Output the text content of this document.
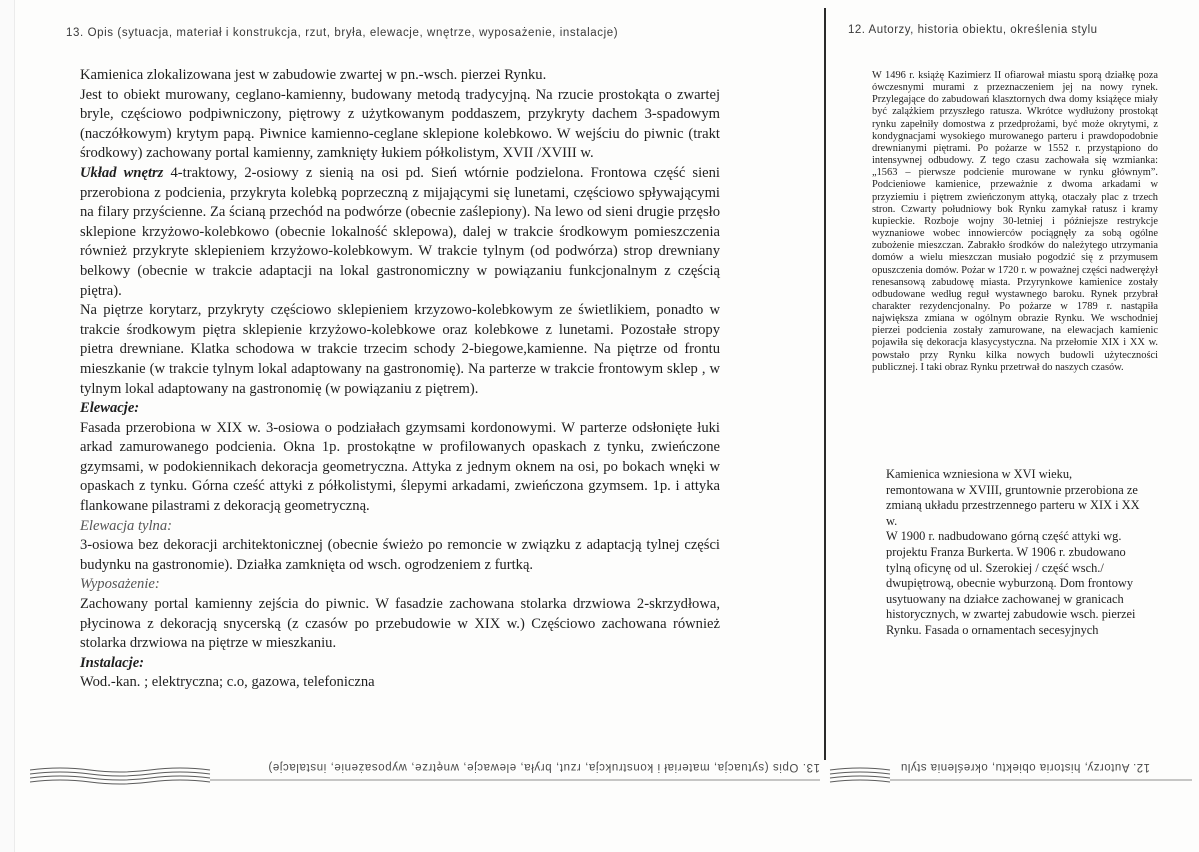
13. Opis (sytuacja, materiał i konstrukcja, rzut, bryła, elewacje, wnętrze, wyposażenie, instalacje)

Kamienica zlokalizowana jest w zabudowie zwartej w pn.-wsch. pierzei Rynku.

Jest to obiekt murowany, ceglano-kamienny, budowany metodą tradycyjną. Na rzucie prostokąta o zwartej bryle, częściowo podpiwniczony, piętrowy z użytkowanym poddaszem, przykryty dachem 3-spadowym (naczółkowym) krytym papą. Piwnice kamienno-ceglane sklepione kolebkowo. W wejściu do piwnic (trakt środkowy) zachowany portal kamienny, zamknięty łukiem półkolistym, XVII /XVIII w.

Układ wnętrz 4-traktowy, 2-osiowy z sienią na osi pd. Sień wtórnie podzielona. Frontowa część sieni przerobiona z podcienia, przykryta kolebką poprzeczną z mijającymi się lunetami, częściowo spływającymi na filary przyścienne. Za ścianą przechód na podwórze (obecnie zaślepiony). Na lewo od sieni drugie przęsło sklepione krzyżowo-kolebkowo (obecnie lokalność sklepowa), dalej w trakcie środkowym pomieszczenia również przykryte sklepieniem krzyżowo-kolebkowym. W trakcie tylnym (od podwórza) strop drewniany belkowy (obecnie w trakcie adaptacji na lokal gastronomiczny w powiązaniu funkcjonalnym z częścią piętra).

Na piętrze korytarz, przykryty częściowo sklepieniem krzyzowo-kolebkowym ze świetlikiem, ponadto w trakcie środkowym piętra sklepienie krzyżowo-kolebkowe oraz kolebkowe z lunetami. Pozostałe stropy pietra drewniane. Klatka schodowa w trakcie trzecim schody 2-biegowe,kamienne. Na piętrze od frontu mieszkanie (w trakcie tylnym lokal adaptowany na gastronomię). Na parterze w trakcie frontowym sklep , w tylnym lokal adaptowany na gastronomię (w powiązaniu z piętrem).

Elewacje:

Fasada przerobiona w XIX w. 3-osiowa o podziałach gzymsami kordonowymi. W parterze odsłonięte łuki arkad zamurowanego podcienia. Okna 1p. prostokątne w profilowanych opaskach z tynku, zwieńczone gzymsami, w podokiennikach dekoracja geometryczna. Attyka z jednym oknem na osi, po bokach wnęki w opaskach z tynku. Górna cześć attyki z półkolistymi, ślepymi arkadami, zwieńczona gzymsem. 1p. i attyka flankowane pilastrami z dekoracją geometryczną.

Elewacja tylna:

3-osiowa bez dekoracji architektonicznej (obecnie świeżo po remoncie w związku z adaptacją tylnej części budynku na gastronomie). Działka zamknięta od wsch. ogrodzeniem z furtką.

Wyposażenie:

Zachowany portal kamienny zejścia do piwnic. W fasadzie zachowana stolarka drzwiowa 2-skrzydłowa, płycinowa z dekoracją snycerską (z czasów po przebudowie w XIX w.) Częściowo zachowana również stolarka drzwiowa na piętrze w mieszkaniu.

Instalacje:

Wod.-kan. ; elektryczna; c.o, gazowa, telefoniczna

12. Autorzy, historia obiektu, określenia stylu

W 1496 r. książę Kazimierz II ofiarował miastu sporą działkę poza ówczesnymi murami z przeznaczeniem jej na nowy rynek. Przylegające do zabudowań klasztornych dwa domy książęce miały być zalążkiem przyszłego ratusza. Wkrótce wydłużony prostokąt rynku zapełniły domostwa z przedprożami, być może okrytymi, z kondygnacjami wysokiego murowanego parteru i prawdopodobnie drewnianymi piętrami. Po pożarze w 1552 r. przystąpiono do intensywnej odbudowy. Z tego czasu zachowała się wzmianka: „1563 – pierwsze podcienie murowane w rynku głównym”. Podcieniowe kamienice, przeważnie z dwoma arkadami w przyziemiu i piętrem zwieńczonym attyką, otaczały plac z trzech stron. Czwarty południowy bok Rynku zamykał ratusz i kramy kupieckie. Rozboje wojny 30-letniej i późniejsze restrykcje wyznaniowe wobec innowierców pociągnęły za sobą ogólne zubożenie mieszczan. Zabrakło środków do należytego utrzymania domów a wielu mieszczan musiało pogodzić się z przymusem opuszczenia domów. Pożar w 1720 r. w poważnej części nadwerężył renesansową zabudowę miasta. Przyrynkowe kamienice zostały odbudowane według reguł wystawnego baroku. Rynek przybrał charakter rezydencjonalny. Po pożarze w 1789 r. nastąpiła największa zmiana w ogólnym obrazie Rynku. We wschodniej pierzei podcienia zostały zamurowane, na elewacjach kamienic pojawiła się dekoracja klasycystyczna. Na przełomie XIX i XX w. powstało przy Rynku kilka nowych budowli użyteczności publicznej. I taki obraz Rynku przetrwał do naszych czasów.

Kamienica wzniesiona w XVI wieku, remontowana w XVIII, gruntownie przerobiona ze zmianą układu przestrzennego parteru w XIX i XX w.
W 1900 r. nadbudowano górną część attyki wg. projektu Franza Burkerta. W 1906 r. zbudowano tylną oficynę od ul. Szerokiej / część wsch./ dwupiętrową, obecnie wyburzoną. Dom frontowy usytuowany na działce zachowanej w granicach historycznych, w zwartej zabudowie wsch. pierzei Rynku. Fasada o ornamentach secesyjnych

13. Opis (sytuacja, materiał i konstrukcja, rzut, bryła, elewacje, wnętrze, wyposażenie, instalacje)	12. Autorzy, historia obiektu, określenia stylu
